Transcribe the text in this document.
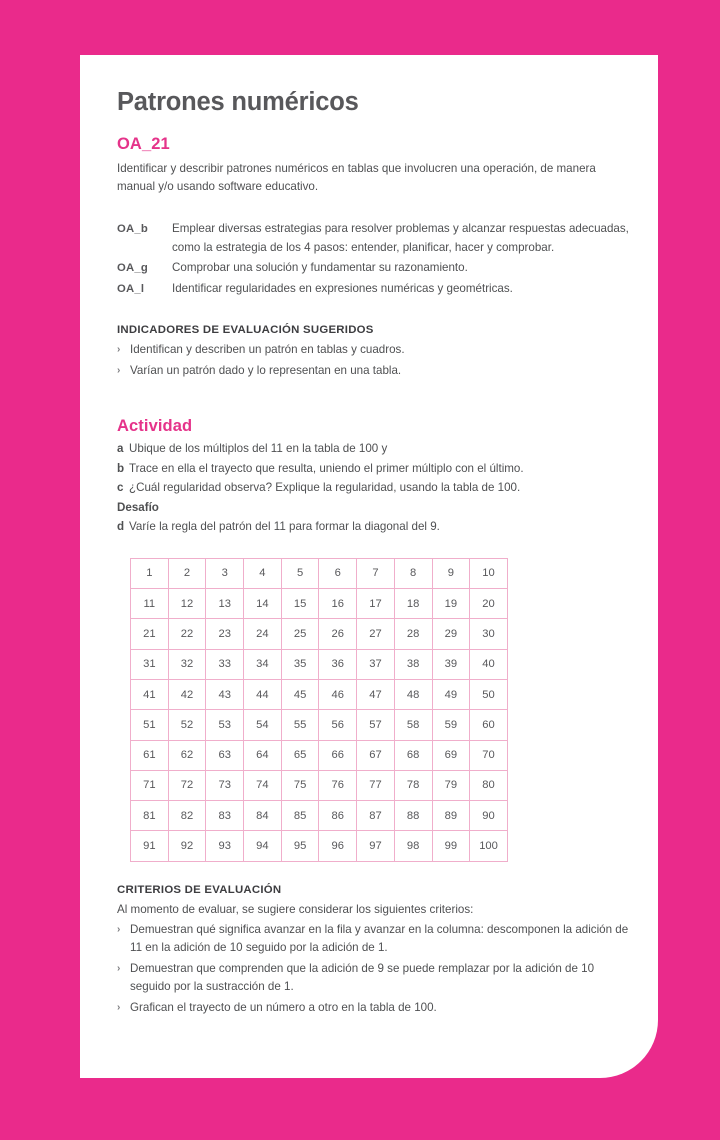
Patrones numéricos
OA_21

Identificar y describir patrones numéricos en tablas que involucren una operación, de manera manual y/o usando software educativo.

OA_b	Emplear diversas estrategias para resolver problemas y alcanzar respuestas adecuadas, como la estrategia de los 4 pasos: entender, planificar, hacer y comprobar.
OA_g	Comprobar una solución y fundamentar su razonamiento.
OA_l	Identificar regularidades en expresiones numéricas y geométricas.
INDICADORES DE EVALUACIÓN SUGERIDOS
› Identifican y describen un patrón en tablas y cuadros.
› Varían un patrón dado y lo representan en una tabla.
Actividad
a Ubique de los múltiplos del 11 en la tabla de 100 y
b Trace en ella el trayecto que resulta, uniendo el primer múltiplo con el último.
c ¿Cuál regularidad observa? Explique la regularidad, usando la tabla de 100.
Desafío
d Varíe la regla del patrón del 11 para formar la diagonal del 9.
1	2	3	4	5	6	7	8	9	10
11	12	13	14	15	16	17	18	19	20
21	22	23	24	25	26	27	28	29	30
31	32	33	34	35	36	37	38	39	40
41	42	43	44	45	46	47	48	49	50
51	52	53	54	55	56	57	58	59	60
61	62	63	64	65	66	67	68	69	70
71	72	73	74	75	76	77	78	79	80
81	82	83	84	85	86	87	88	89	90
91	92	93	94	95	96	97	98	99	100
CRITERIOS DE EVALUACIÓN

Al momento de evaluar, se sugiere considerar los siguientes criterios:

› Demuestran qué significa avanzar en la fila y avanzar en la columna: descomponen la adición de 11 en la adición de 10 seguido por la adición de 1.
› Demuestran que comprenden que la adición de 9 se puede remplazar por la adición de 10 seguido por la sustracción de 1.
› Grafican el trayecto de un número a otro en la tabla de 100.
